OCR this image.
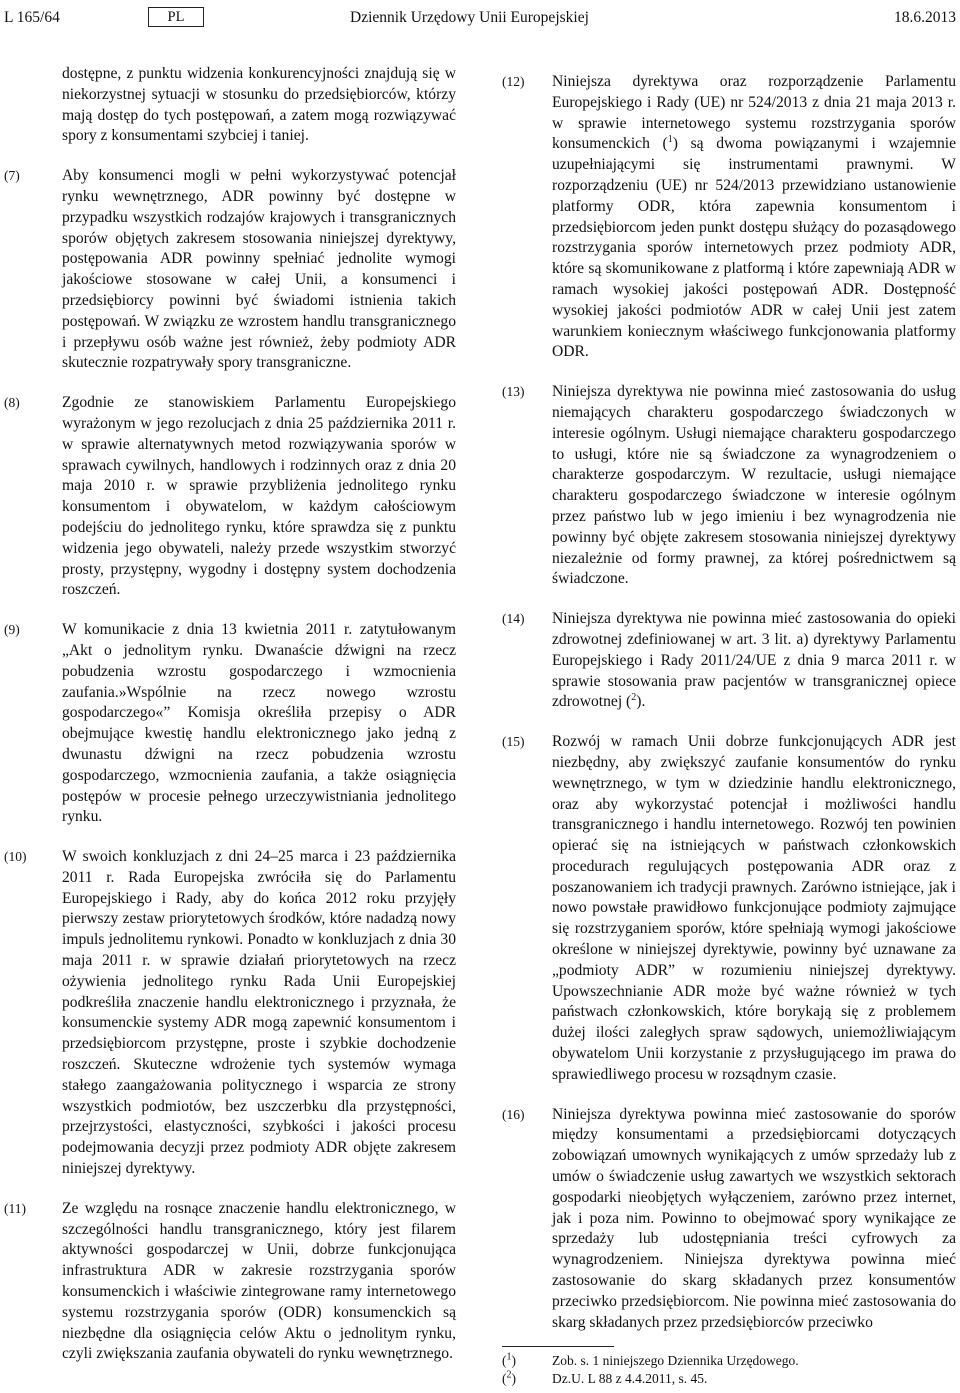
L 165/64	PL	Dziennik Urzędowy Unii Europejskiej	18.6.2013
dostępne, z punktu widzenia konkurencyjności znajdują się w niekorzystnej sytuacji w stosunku do przedsiębiorców, którzy mają dostęp do tych postępowań, a zatem mogą rozwiązywać spory z konsumentami szybciej i taniej.
(7)	Aby konsumenci mogli w pełni wykorzystywać potencjał rynku wewnętrznego, ADR powinny być dostępne w przypadku wszystkich rodzajów krajowych i transgranicznych sporów objętych zakresem stosowania niniejszej dyrektywy, postępowania ADR powinny spełniać jednolite wymogi jakościowe stosowane w całej Unii, a konsumenci i przedsiębiorcy powinni być świadomi istnienia takich postępowań. W związku ze wzrostem handlu transgranicznego i przepływu osób ważne jest również, żeby podmioty ADR skutecznie rozpatrywały spory transgraniczne.
(8)	Zgodnie ze stanowiskiem Parlamentu Europejskiego wyrażonym w jego rezolucjach z dnia 25 października 2011 r. w sprawie alternatywnych metod rozwiązywania sporów w sprawach cywilnych, handlowych i rodzinnych oraz z dnia 20 maja 2010 r. w sprawie przybliżenia jednolitego rynku konsumentom i obywatelom, w każdym całościowym podejściu do jednolitego rynku, które sprawdza się z punktu widzenia jego obywateli, należy przede wszystkim stworzyć prosty, przystępny, wygodny i dostępny system dochodzenia roszczeń.
(9)	W komunikacie z dnia 13 kwietnia 2011 r. zatytułowanym „Akt o jednolitym rynku. Dwanaście dźwigni na rzecz pobudzenia wzrostu gospodarczego i wzmocnienia zaufania.»Wspólnie na rzecz nowego wzrostu gospodarczego«” Komisja określiła przepisy o ADR obejmujące kwestię handlu elektronicznego jako jedną z dwunastu dźwigni na rzecz pobudzenia wzrostu gospodarczego, wzmocnienia zaufania, a także osiągnięcia postępów w procesie pełnego urzeczywistniania jednolitego rynku.
(10)	W swoich konkluzjach z dni 24–25 marca i 23 października 2011 r. Rada Europejska zwróciła się do Parlamentu Europejskiego i Rady, aby do końca 2012 roku przyjęły pierwszy zestaw priorytetowych środków, które nadadzą nowy impuls jednolitemu rynkowi. Ponadto w konkluzjach z dnia 30 maja 2011 r. w sprawie działań priorytetowych na rzecz ożywienia jednolitego rynku Rada Unii Europejskiej podkreśliła znaczenie handlu elektronicznego i przyznała, że konsumenckie systemy ADR mogą zapewnić konsumentom i przedsiębiorcom przystępne, proste i szybkie dochodzenie roszczeń. Skuteczne wdrożenie tych systemów wymaga stałego zaangażowania politycznego i wsparcia ze strony wszystkich podmiotów, bez uszczerbku dla przystępności, przejrzystości, elastyczności, szybkości i jakości procesu podejmowania decyzji przez podmioty ADR objęte zakresem niniejszej dyrektywy.
(11)	Ze względu na rosnące znaczenie handlu elektronicznego, w szczególności handlu transgranicznego, który jest filarem aktywności gospodarczej w Unii, dobrze funkcjonująca infrastruktura ADR w zakresie rozstrzygania sporów konsumenckich i właściwie zintegrowane ramy internetowego systemu rozstrzygania sporów (ODR) konsumenckich są niezbędne dla osiągnięcia celów Aktu o jednolitym rynku, czyli zwiększania zaufania obywateli do rynku wewnętrznego.
(12)	Niniejsza dyrektywa oraz rozporządzenie Parlamentu Europejskiego i Rady (UE) nr 524/2013 z dnia 21 maja 2013 r. w sprawie internetowego systemu rozstrzygania sporów konsumenckich ($^1$) są dwoma powiązanymi i wzajemnie uzupełniającymi się instrumentami prawnymi. W rozporządzeniu (UE) nr 524/2013 przewidziano ustanowienie platformy ODR, która zapewnia konsumentom i przedsiębiorcom jeden punkt dostępu służący do pozasądowego rozstrzygania sporów internetowych przez podmioty ADR, które są skomunikowane z platformą i które zapewniają ADR w ramach wysokiej jakości postępowań ADR. Dostępność wysokiej jakości podmiotów ADR w całej Unii jest zatem warunkiem koniecznym właściwego funkcjonowania platformy ODR.
(13)	Niniejsza dyrektywa nie powinna mieć zastosowania do usług niemających charakteru gospodarczego świadczonych w interesie ogólnym. Usługi niemające charakteru gospodarczego to usługi, które nie są świadczone za wynagrodzeniem o charakterze gospodarczym. W rezultacie, usługi niemające charakteru gospodarczego świadczone w interesie ogólnym przez państwo lub w jego imieniu i bez wynagrodzenia nie powinny być objęte zakresem stosowania niniejszej dyrektywy niezależnie od formy prawnej, za której pośrednictwem są świadczone.
(14)	Niniejsza dyrektywa nie powinna mieć zastosowania do opieki zdrowotnej zdefiniowanej w art. 3 lit. a) dyrektywy Parlamentu Europejskiego i Rady 2011/24/UE z dnia 9 marca 2011 r. w sprawie stosowania praw pacjentów w transgranicznej opiece zdrowotnej ($^2$).
(15)	Rozwój w ramach Unii dobrze funkcjonujących ADR jest niezbędny, aby zwiększyć zaufanie konsumentów do rynku wewnętrznego, w tym w dziedzinie handlu elektronicznego, oraz aby wykorzystać potencjał i możliwości handlu transgranicznego i handlu internetowego. Rozwój ten powinien opierać się na istniejących w państwach członkowskich procedurach regulujących postępowania ADR oraz z poszanowaniem ich tradycji prawnych. Zarówno istniejące, jak i nowo powstałe prawidłowo funkcjonujące podmioty zajmujące się rozstrzyganiem sporów, które spełniają wymogi jakościowe określone w niniejszej dyrektywie, powinny być uznawane za „podmioty ADR” w rozumieniu niniejszej dyrektywy. Upowszechnianie ADR może być ważne również w tych państwach członkowskich, które borykają się z problemem dużej ilości zaległych spraw sądowych, uniemożliwiającym obywatelom Unii korzystanie z przysługującego im prawa do sprawiedliwego procesu w rozsądnym czasie.
(16)	Niniejsza dyrektywa powinna mieć zastosowanie do sporów między konsumentami a przedsiębiorcami dotyczących zobowiązań umownych wynikających z umów sprzedaży lub z umów o świadczenie usług zawartych we wszystkich sektorach gospodarki nieobjętych wyłączeniem, zarówno przez internet, jak i poza nim. Powinno to obejmować spory wynikające ze sprzedaży lub udostępniania treści cyfrowych za wynagrodzeniem. Niniejsza dyrektywa powinna mieć zastosowanie do skarg składanych przez konsumentów przeciwko przedsiębiorcom. Nie powinna mieć zastosowania do skarg składanych przez przedsiębiorców przeciwko
($^1$)	Zob. s. 1 niniejszego Dziennika Urzędowego.
($^2$)	Dz.U. L 88 z 4.4.2011, s. 45.
